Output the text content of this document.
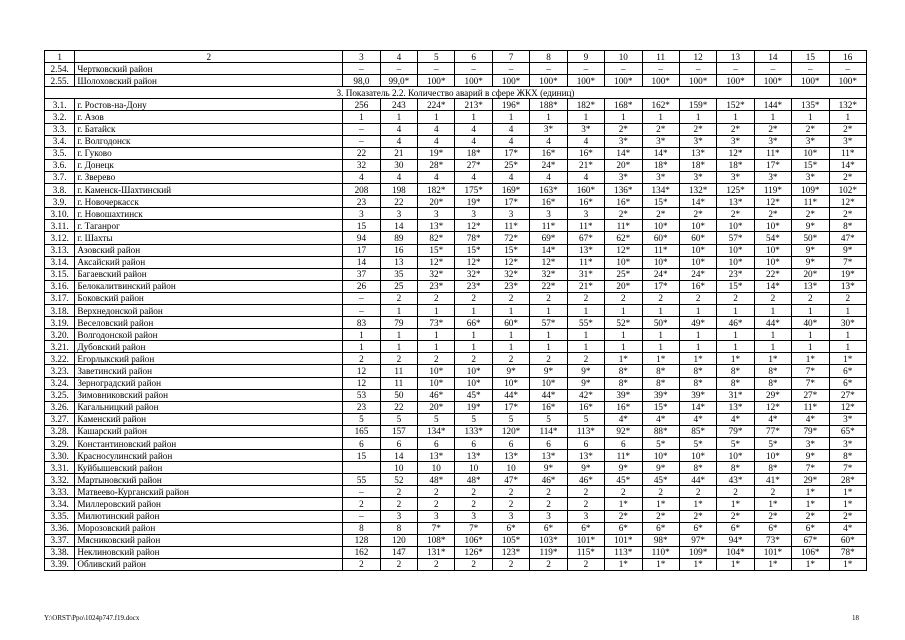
1	2	3	4	5	6	7	8	9	10	11	12	13	14	15	16
2.54.	Чертковский район	–	–	–	–	–	–	–	–	–	–	–	–	–	–
2.55.	Шолоховский район	98,0	99,0*	100*	100*	100*	100*	100*	100*	100*	100*	100*	100*	100*	100*
3. Показатель 2.2. Количество аварий в сфере ЖКХ (единиц)															
3.1.	г. Ростов-на-Дону	256	243	224*	213*	196*	188*	182*	168*	162*	159*	152*	144*	135*	132*
3.2.	г. Азов	1	1	1	1	1	1	1	1	1	1	1	1	1	1
3.3.	г. Батайск	–	4	4	4	4	3*	3*	2*	2*	2*	2*	2*	2*	2*
3.4.	г. Волгодонск	–	4	4	4	4	4	4	3*	3*	3*	3*	3*	3*	3*
3.5.	г. Гуково	22	21	19*	18*	17*	16*	16*	14*	14*	13*	12*	11*	10*	11*
3.6.	г. Донецк	32	30	28*	27*	25*	24*	21*	20*	18*	18*	18*	17*	15*	14*
3.7.	г. Зверево	4	4	4	4	4	4	4	3*	3*	3*	3*	3*	3*	2*
3.8.	г. Каменск-Шахтинский	208	198	182*	175*	169*	163*	160*	136*	134*	132*	125*	119*	109*	102*
3.9.	г. Новочеркасск	23	22	20*	19*	17*	16*	16*	16*	15*	14*	13*	12*	11*	12*
3.10.	г. Новошахтинск	3	3	3	3	3	3	3	2*	2*	2*	2*	2*	2*	2*
3.11.	г. Таганрог	15	14	13*	12*	11*	11*	11*	11*	10*	10*	10*	10*	9*	8*
3.12.	г. Шахты	94	89	82*	78*	72*	69*	67*	62*	60*	60*	57*	54*	50*	47*
3.13.	Азовский район	17	16	15*	15*	15*	14*	13*	12*	11*	10*	10*	10*	9*	9*
3.14.	Аксайский район	14	13	12*	12*	12*	12*	11*	10*	10*	10*	10*	10*	9*	7*
3.15.	Багаевский район	37	35	32*	32*	32*	32*	31*	25*	24*	24*	23*	22*	20*	19*
3.16.	Белокалитвинский район	26	25	23*	23*	23*	22*	21*	20*	17*	16*	15*	14*	13*	13*
3.17.	Боковский район	–	2	2	2	2	2	2	2	2	2	2	2	2	2
3.18.	Верхнедонской район	–	1	1	1	1	1	1	1	1	1	1	1	1	1
3.19.	Веселовский район	83	79	73*	66*	60*	57*	55*	52*	50*	49*	46*	44*	40*	30*
3.20.	Волгодонской район	1	1	1	1	1	1	1	1	1	1	1	1	1	1
3.21.	Дубовский район	1	1	1	1	1	1	1	1	1	1	1	1	1	1
3.22.	Егорлыкский район	2	2	2	2	2	2	2	1*	1*	1*	1*	1*	1*	1*
3.23.	Заветинский район	12	11	10*	10*	9*	9*	9*	8*	8*	8*	8*	8*	7*	6*
3.24.	Зерноградский район	12	11	10*	10*	10*	10*	9*	8*	8*	8*	8*	8*	7*	6*
3.25.	Зимовниковский район	53	50	46*	45*	44*	44*	42*	39*	39*	39*	31*	29*	27*	27*
3.26.	Кагальницкий район	23	22	20*	19*	17*	16*	16*	16*	15*	14*	13*	12*	11*	12*
3.27.	Каменский район	5	5	5	5	5	5	5	4*	4*	4*	4*	4*	4*	3*
3.28.	Кашарский район	165	157	134*	133*	120*	114*	113*	92*	88*	85*	79*	77*	79*	65*
3.29.	Константиновский район	6	6	6	6	6	6	6	6	5*	5*	5*	5*	3*	3*
3.30.	Красносулинский район	15	14	13*	13*	13*	13*	13*	11*	10*	10*	10*	10*	9*	8*
3.31.	Куйбышевский район		10	10	10	10	9*	9*	9*	9*	8*	8*	8*	7*	7*
3.32.	Мартыновский район	55	52	48*	48*	47*	46*	46*	45*	45*	44*	43*	41*	29*	28*
3.33.	Матвеево-Курганский район	–	2	2	2	2	2	2	2	2	2	2	2	1*	1*
3.34.	Миллеровский район	2	2	2	2	2	2	2	1*	1*	1*	1*	1*	1*	1*
3.35.	Милютинский район	–	3	3	3	3	3	3	2*	2*	2*	2*	2*	2*	2*
3.36.	Морозовский район	8	8	7*	7*	6*	6*	6*	6*	6*	6*	6*	6*	6*	4*
3.37.	Мясниковский район	128	120	108*	106*	105*	103*	101*	101*	98*	97*	94*	73*	67*	60*
3.38.	Неклиновский район	162	147	131*	126*	123*	119*	115*	113*	110*	109*	104*	101*	106*	78*
3.39.	Обливский район	2	2	2	2	2	2	2	1*	1*	1*	1*	1*	1*	1*
Y:\ORST\Ppo\1024p747.f19.docx	18
